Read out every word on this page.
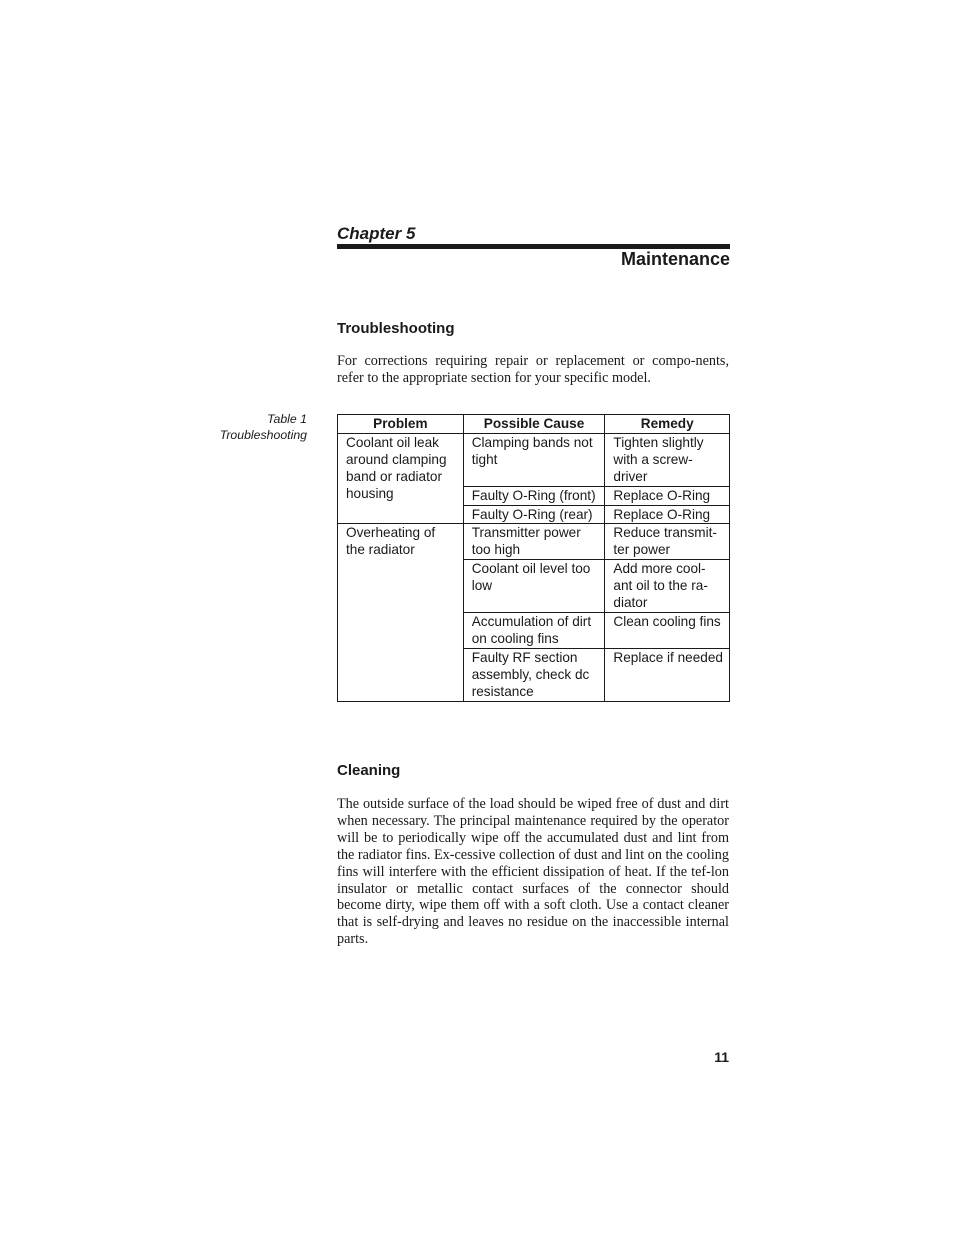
Chapter 5
Maintenance
Troubleshooting
For corrections requiring repair or replacement or compo-nents, refer to the appropriate section for your specific model.
Table 1
Troubleshooting
Problem	Possible Cause	Remedy
Coolant oil leak around clamping band or radiator housing	Clamping bands not tight	Tighten slightly with a screw-driver
	Faulty O-Ring (front)	Replace O-Ring
	Faulty O-Ring (rear)	Replace O-Ring
Overheating of the radiator	Transmitter power too high	Reduce transmit-ter power
	Coolant oil level too low	Add more cool-ant oil to the ra-diator
	Accumulation of dirt on cooling fins	Clean cooling fins
	Faulty RF section assembly, check dc resistance	Replace if needed
Cleaning
The outside surface of the load should be wiped free of dust and dirt when necessary. The principal maintenance required by the operator will be to periodically wipe off the accumulated dust and lint from the radiator fins. Ex-cessive collection of dust and lint on the cooling fins will interfere with the efficient dissipation of heat. If the tef-lon insulator or metallic contact surfaces of the connector should become dirty, wipe them off with a soft cloth. Use a contact cleaner that is self-drying and leaves no residue on the inaccessible internal parts.
11
